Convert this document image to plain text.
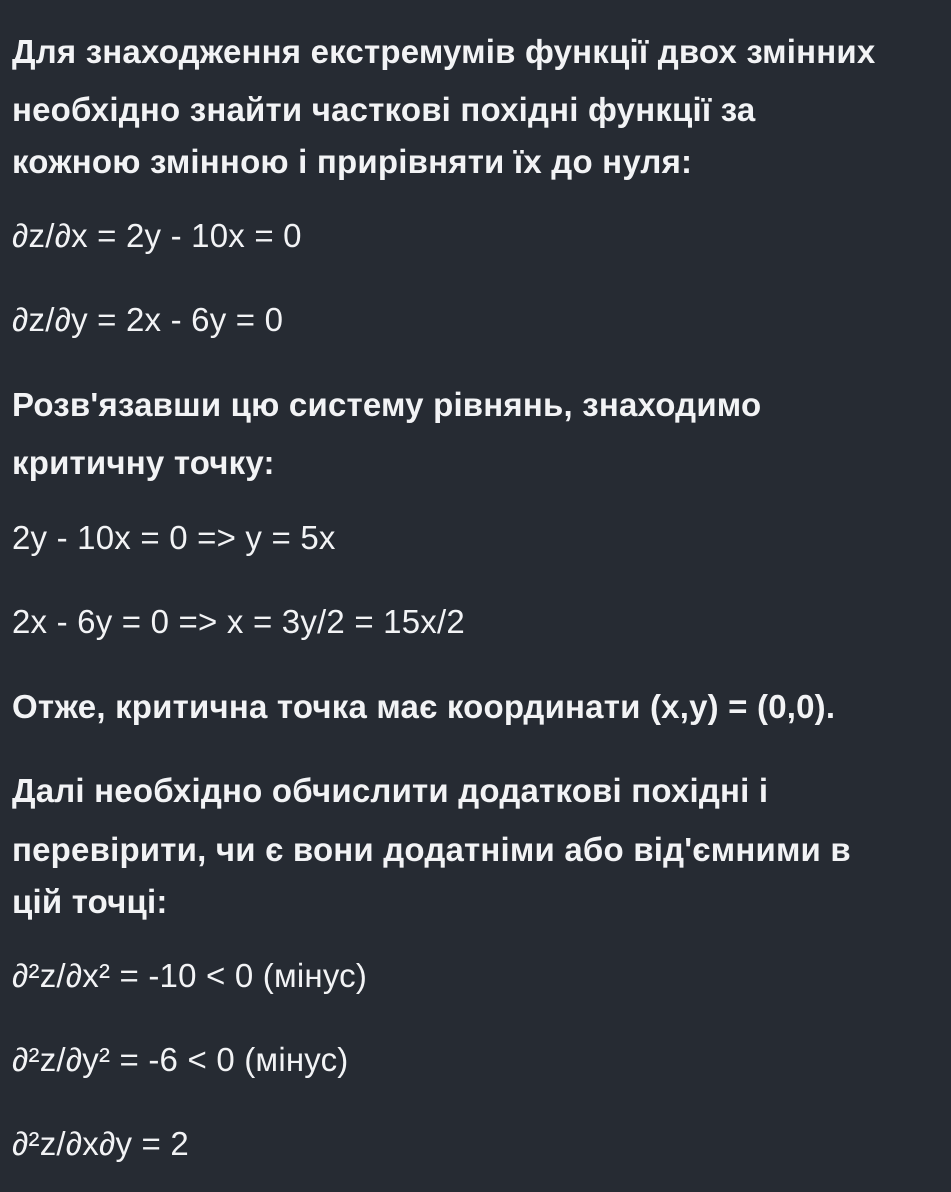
Для знаходження екстремумів функції двох змінних
необхідно знайти часткові похідні функції за
кожною змінною і прирівняти їх до нуля:
∂z/∂x = 2y - 10x = 0
∂z/∂y = 2x - 6y = 0
Розв'язавши цю систему рівнянь, знаходимо
критичну точку:
2y - 10x = 0 => y = 5x
2x - 6y = 0 => x = 3y/2 = 15x/2
Отже, критична точка має координати (x,y) = (0,0).
Далі необхідно обчислити додаткові похідні і
перевірити, чи є вони додатніми або від'ємними в
цій точці:
∂²z/∂x² = -10 < 0 (мінус)
∂²z/∂y² = -6 < 0 (мінус)
∂²z/∂x∂y = 2
